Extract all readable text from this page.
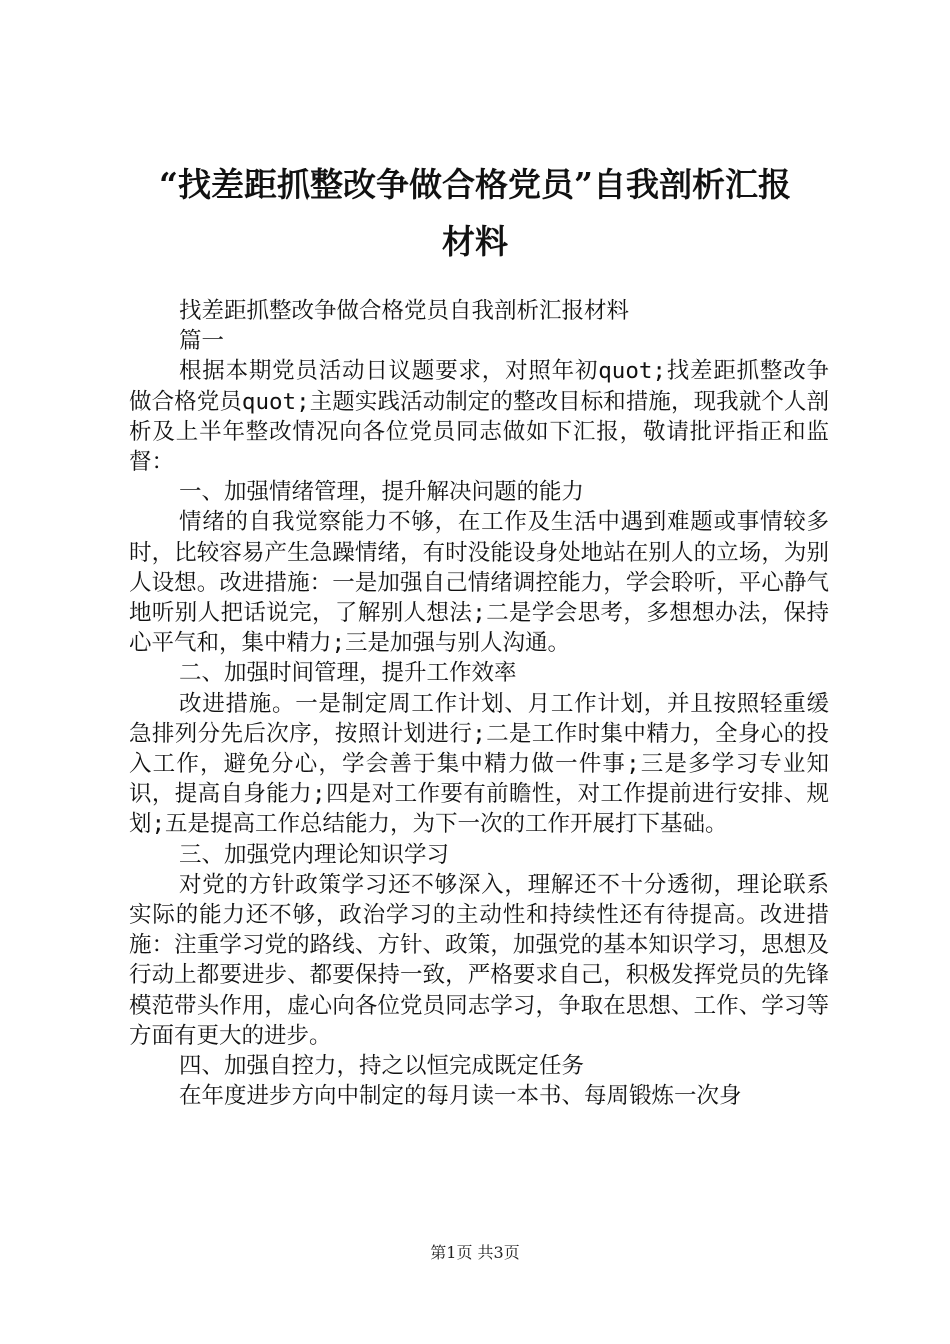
“找差距抓整改争做合格党员”自我剖析汇报
材料

找差距抓整改争做合格党员自我剖析汇报材料

篇一

根据本期党员活动日议题要求，对照年初quot;找差距抓整改争做合格党员quot;主题实践活动制定的整改目标和措施，现我就个人剖析及上半年整改情况向各位党员同志做如下汇报，敬请批评指正和监督：

一、加强情绪管理，提升解决问题的能力

情绪的自我觉察能力不够，在工作及生活中遇到难题或事情较多时，比较容易产生急躁情绪，有时没能设身处地站在别人的立场，为别人设想。改进措施：一是加强自己情绪调控能力，学会聆听，平心静气地听别人把话说完，了解别人想法;二是学会思考，多想想办法，保持心平气和，集中精力;三是加强与别人沟通。

二、加强时间管理，提升工作效率

改进措施。一是制定周工作计划、月工作计划，并且按照轻重缓急排列分先后次序，按照计划进行;二是工作时集中精力，全身心的投入工作，避免分心，学会善于集中精力做一件事;三是多学习专业知识，提高自身能力;四是对工作要有前瞻性，对工作提前进行安排、规划;五是提高工作总结能力，为下一次的工作开展打下基础。

三、加强党内理论知识学习

对党的方针政策学习还不够深入，理解还不十分透彻，理论联系实际的能力还不够，政治学习的主动性和持续性还有待提高。改进措施：注重学习党的路线、方针、政策，加强党的基本知识学习，思想及行动上都要进步、都要保持一致，严格要求自己，积极发挥党员的先锋模范带头作用，虚心向各位党员同志学习，争取在思想、工作、学习等方面有更大的进步。

四、加强自控力，持之以恒完成既定任务

在年度进步方向中制定的每月读一本书、每周锻炼一次身

第1页 共3页
